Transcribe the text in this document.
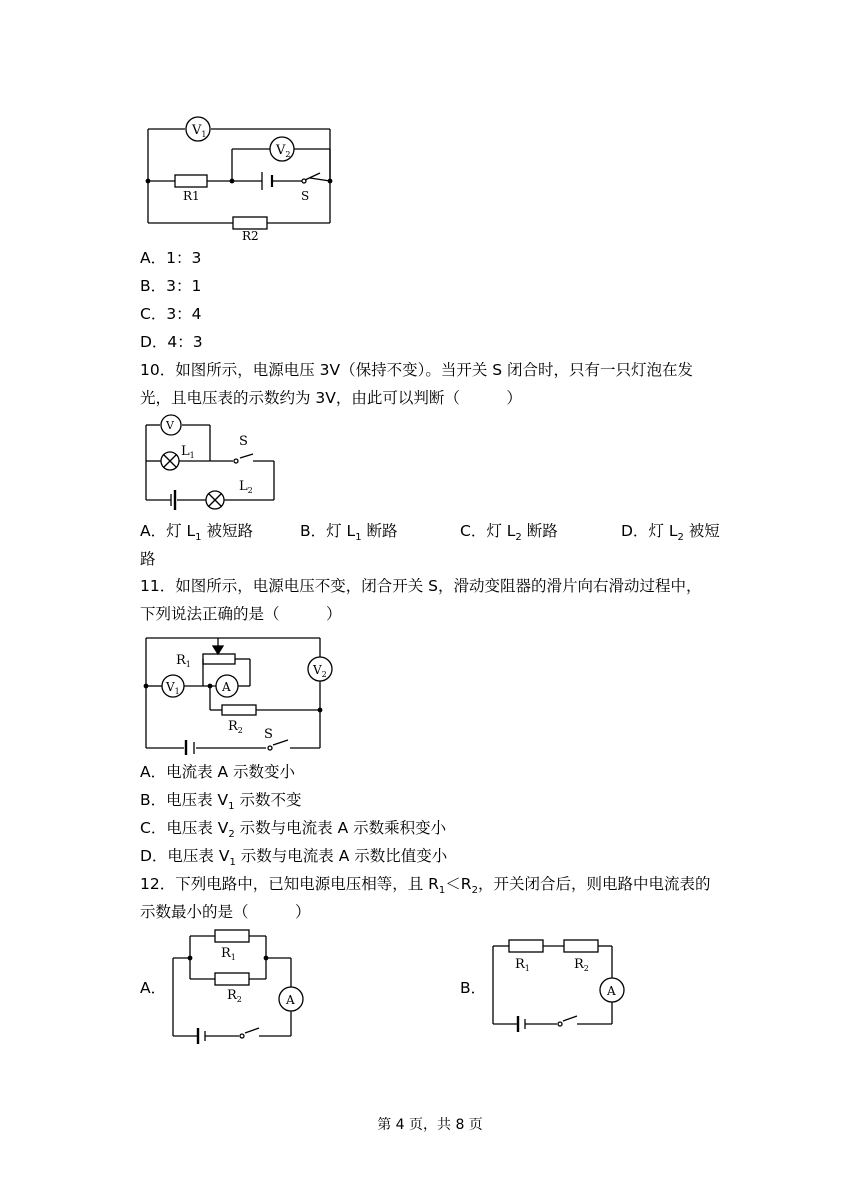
$V_1$
$V_2$
R1
R2
S
A．1：3
B．3：1
C．3：4
D．4：3
10．如图所示，电源电压 3V（保持不变）。当开关 S 闭合时，只有一只灯泡在发
光，且电压表的示数约为 3V，由此可以判断（　　　）
V
$L_1$
S
$L_2$
A．灯 $L_1$ 被短路	B．灯 $L_1$ 断路	C．灯 $L_2$ 断路	D．灯 $L_2$ 被短
路
11．如图所示，电源电压不变，闭合开关 S，滑动变阻器的滑片向右滑动过程中，
下列说法正确的是（　　　）
$R_1$
$V_1$	A
$V_2$
$R_2$ S
A．电流表 A 示数变小
B．电压表 $V_1$ 示数不变
C．电压表 $V_2$ 示数与电流表 A 示数乘积变小
D．电压表 $V_1$ 示数与电流表 A 示数比值变小
12．下列电路中，已知电源电压相等，且 $R_1<R_2$，开关闭合后，则电路中电流表的
示数最小的是（　　　）
A．
$R_1$
$R_2$	A
B．
$R_1$	$R_2$
A
第 4 页，共 8 页
